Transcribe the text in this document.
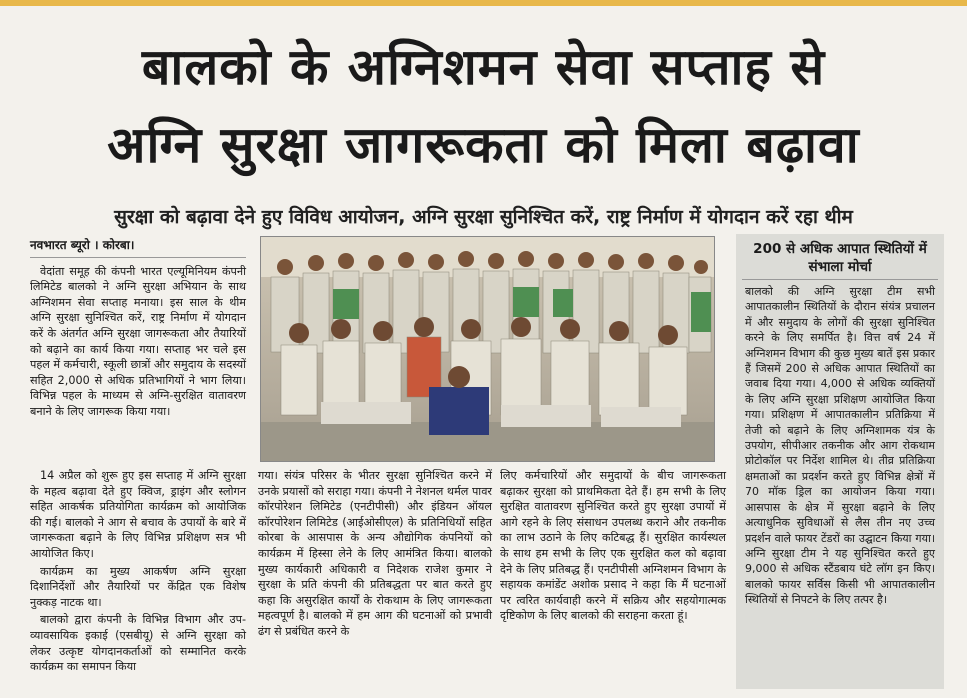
बालको के अग्निशमन सेवा सप्ताह से
अग्नि सुरक्षा जागरूकता को मिला बढ़ावा
सुरक्षा को बढ़ावा देने हुए विविध आयोजन, अग्नि सुरक्षा सुनिश्चित करें, राष्ट्र निर्माण में योगदान करें रहा थीम
नवभारत ब्यूरो । कोरबा।

वेदांता समूह की कंपनी भारत एल्यूमिनियम कंपनी लिमिटेड बालको ने अग्नि सुरक्षा अभियान के साथ अग्निशमन सेवा सप्ताह मनाया। इस साल के थीम अग्नि सुरक्षा सुनिश्चित करें, राष्ट्र निर्माण में योगदान करें के अंतर्गत अग्नि सुरक्षा जागरूकता और तैयारियों को बढ़ाने का कार्य किया गया। सप्ताह भर चले इस पहल में कर्मचारी, स्कूली छात्रों और समुदाय के सदस्यों सहित 2,000 से अधिक प्रतिभागियों ने भाग लिया। विभिन्न पहल के माध्यम से अग्नि-सुरक्षित वातावरण बनाने के लिए जागरूक किया गया।

14 अप्रैल को शुरू हुए इस सप्ताह में अग्नि सुरक्षा के महत्व बढ़ावा देते हुए क्विज, ड्राइंग और स्लोगन सहित आकर्षक प्रतियोगिता कार्यक्रम को आयोजिक की गई। बालको ने आग से बचाव के उपायों के बारे में जागरूकता बढ़ाने के लिए विभिन्न प्रशिक्षण सत्र भी आयोजित किए।

कार्यक्रम का मुख्य आकर्षण अग्नि सुरक्षा दिशानिर्देशों और तैयारियों पर केंद्रित एक विशेष नुक्कड़ नाटक था।

बालको द्वारा कंपनी के विभिन्न विभाग और उप-व्यावसायिक इकाई (एसबीयू) से अग्नि सुरक्षा को लेकर उत्कृष्ट योगदानकर्ताओं को सम्मानित करके कार्यक्रम का समापन किया

गया। संयंत्र परिसर के भीतर सुरक्षा सुनिश्चित करने में उनके प्रयासों को सराहा गया। कंपनी ने नेशनल थर्मल पावर कॉरपोरेशन लिमिटेड (एनटीपीसी) और इंडियन ऑयल कॉरपोरेशन लिमिटेड (आईओसीएल) के प्रतिनिधियों सहित कोरबा के आसपास के अन्य औद्योगिक कंपनियों को कार्यक्रम में हिस्सा लेने के लिए आमंत्रित किया। बालको मुख्य कार्यकारी अधिकारी व निदेशक राजेश कुमार ने सुरक्षा के प्रति कंपनी की प्रतिबद्धता पर बात करते हुए कहा कि असुरक्षित कार्यों के रोकथाम के लिए जागरूकता महत्वपूर्ण है। बालको में हम आग की घटनाओं को प्रभावी ढंग से प्रबंधित करने के

लिए कर्मचारियों और समुदायों के बीच जागरूकता बढ़ाकर सुरक्षा को प्राथमिकता देते हैं। हम सभी के लिए सुरक्षित वातावरण सुनिश्चित करते हुए सुरक्षा उपायों में आगे रहने के लिए संसाधन उपलब्ध कराने और तकनीक का लाभ उठाने के लिए कटिबद्ध हैं। सुरक्षित कार्यस्थल के साथ हम सभी के लिए एक सुरक्षित कल को बढ़ावा देने के लिए प्रतिबद्ध हैं। एनटीपीसी अग्निशमन विभाग के सहायक कमांडेंट अशोक प्रसाद ने कहा कि मैं घटनाओं पर त्वरित कार्यवाही करने में सक्रिय और सहयोगात्मक दृष्टिकोण के लिए बालको की सराहना करता हूं।

200 से अधिक आपात स्थितियों में संभाला मोर्चा
बालको की अग्नि सुरक्षा टीम सभी आपातकालीन स्थितियों के दौरान संयंत्र प्रचालन में और समुदाय के लोगों की सुरक्षा सुनिश्चित करने के लिए समर्पित है। वित्त वर्ष 24 में अग्निशमन विभाग की कुछ मुख्य बातें इस प्रकार हैं जिसमें 200 से अधिक आपात स्थितियों का जवाब दिया गया। 4,000 से अधिक व्यक्तियों के लिए अग्नि सुरक्षा प्रशिक्षण आयोजित किया गया। प्रशिक्षण में आपातकालीन प्रतिक्रिया में तेजी को बढ़ाने के लिए अग्निशामक यंत्र के उपयोग, सीपीआर तकनीक और आग रोकथाम प्रोटोकॉल पर निर्देश शामिल थे। तीव्र प्रतिक्रिया क्षमताओं का प्रदर्शन करते हुए विभिन्न क्षेत्रों में 70 मॉक ड्रिल का आयोजन किया गया। आसपास के क्षेत्र में सुरक्षा बढ़ाने के लिए अत्याधुनिक सुविधाओं से लैस तीन नए उच्च प्रदर्शन वाले फायर टेंडरों का उद्घाटन किया गया। अग्नि सुरक्षा टीम ने यह सुनिश्चित करते हुए 9,000 से अधिक स्टैंडबाय घंटे लॉग इन किए। बालको फायर सर्विस किसी भी आपातकालीन स्थितियों से निपटने के लिए तत्पर है।
